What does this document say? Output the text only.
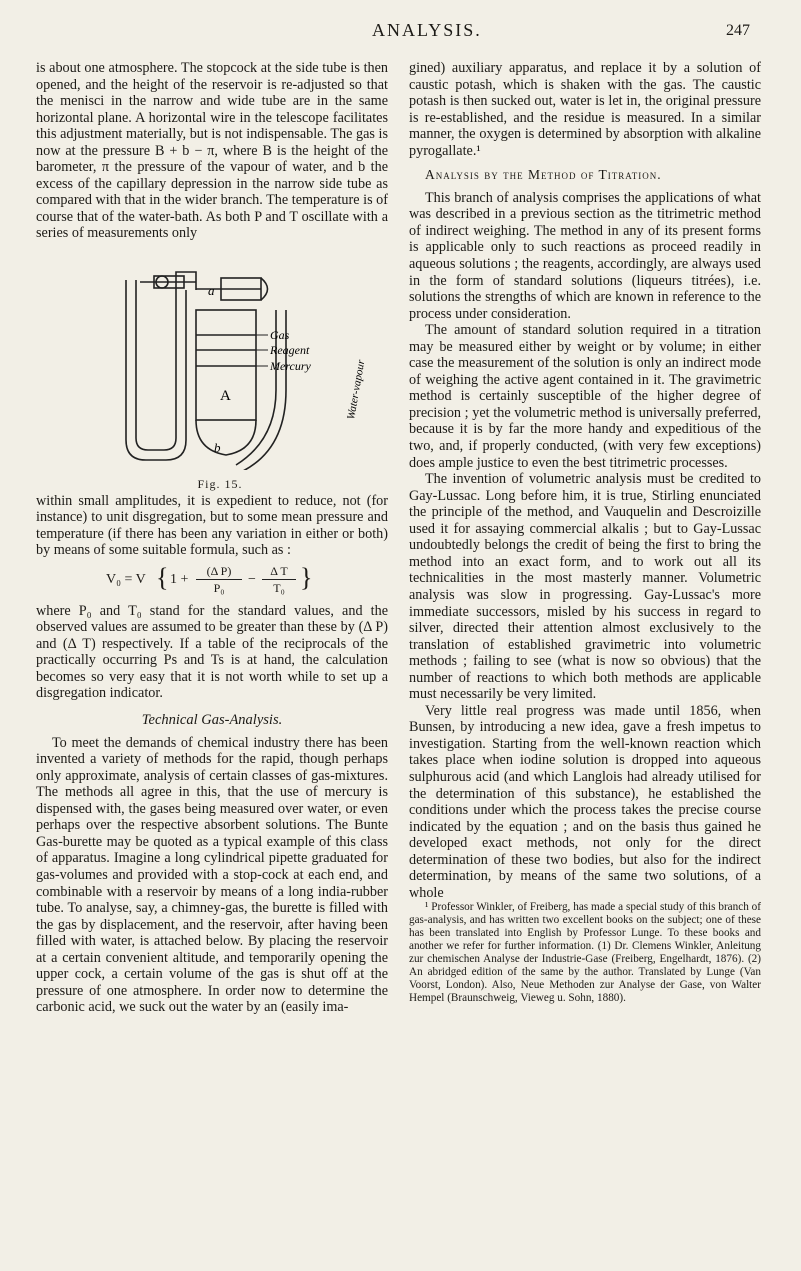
ANALYSIS.	247

is about one atmosphere. The stopcock at the side tube is then opened, and the height of the reservoir is re-adjusted so that the menisci in the narrow and wide tube are in the same horizontal plane. A horizontal wire in the telescope facilitates this adjustment materially, but is not indispensable. The gas is now at the pressure B + b − π, where B is the height of the barometer, π the pressure of the vapour of water, and b the excess of the capillary depression in the narrow side tube as compared with that in the wider branch. The temperature is of course that of the water-bath. As both P and T oscillate with a series of measurements only

a
A
b
Gas
Reagent
Mercury	Water-vapour

Fig. 15.

within small amplitudes, it is expedient to reduce, not (for instance) to unit disgregation, but to some mean pressure and temperature (if there has been any variation in either or both) by means of some suitable formula, such as :

V₀ = V { 1 +
(Δ P)
P₀
−
Δ T
T₀ }

where P₀ and T₀ stand for the standard values, and the observed values are assumed to be greater than these by (Δ P) and (Δ T) respectively. If a table of the reciprocals of the practically occurring Ps and Ts is at hand, the calculation becomes so very easy that it is not worth while to set up a disgregation indicator.

Technical Gas-Analysis.

To meet the demands of chemical industry there has been invented a variety of methods for the rapid, though perhaps only approximate, analysis of certain classes of gas-mixtures. The methods all agree in this, that the use of mercury is dispensed with, the gases being measured over water, or even perhaps over the respective absorbent solutions. The Bunte Gas-burette may be quoted as a typical example of this class of apparatus. Imagine a long cylindrical pipette graduated for gas-volumes and provided with a stop-cock at each end, and combinable with a reservoir by means of a long india-rubber tube. To analyse, say, a chimney-gas, the burette is filled with the gas by displacement, and the reservoir, after having been filled with water, is attached below. By placing the reservoir at a certain convenient altitude, and temporarily opening the upper cock, a certain volume of the gas is shut off at the pressure of one atmosphere. In order now to determine the carbonic acid, we suck out the water by an (easily ima-

gined) auxiliary apparatus, and replace it by a solution of caustic potash, which is shaken with the gas. The caustic potash is then sucked out, water is let in, the original pressure is re-established, and the residue is measured. In a similar manner, the oxygen is determined by absorption with alkaline pyrogallate.¹

Analysis by the Method of Titration.

This branch of analysis comprises the applications of what was described in a previous section as the titrimetric method of indirect weighing. The method in any of its present forms is applicable only to such reactions as proceed readily in aqueous solutions ; the reagents, accordingly, are always used in the form of standard solutions (liqueurs titrées), i.e. solutions the strengths of which are known in reference to the process under consideration.

The amount of standard solution required in a titration may be measured either by weight or by volume; in either case the measurement of the solution is only an indirect mode of weighing the active agent contained in it. The gravimetric method is certainly susceptible of the higher degree of precision ; yet the volumetric method is universally preferred, because it is by far the more handy and expeditious of the two, and, if properly conducted, (with very few exceptions) does ample justice to even the best titrimetric processes.

The invention of volumetric analysis must be credited to Gay-Lussac. Long before him, it is true, Stirling enunciated the principle of the method, and Vauquelin and Descroizille used it for assaying commercial alkalis ; but to Gay-Lussac undoubtedly belongs the credit of being the first to bring the method into an exact form, and to work out all its technicalities in the most masterly manner. Volumetric analysis was slow in progressing. Gay-Lussac's more immediate successors, misled by his success in regard to silver, directed their attention almost exclusively to the translation of established gravimetric into volumetric methods ; failing to see (what is now so obvious) that the number of reactions to which both methods are applicable must necessarily be very limited.

Very little real progress was made until 1856, when Bunsen, by introducing a new idea, gave a fresh impetus to investigation. Starting from the well-known reaction which takes place when iodine solution is dropped into aqueous sulphurous acid (and which Langlois had already utilised for the determination of this substance), he established the conditions under which the process takes the precise course indicated by the equation ; and on the basis thus gained he developed exact methods, not only for the direct determination of these two bodies, but also for the indirect determination, by means of the same two solutions, of a whole

¹ Professor Winkler, of Freiberg, has made a special study of this branch of gas-analysis, and has written two excellent books on the subject; one of these has been translated into English by Professor Lunge. To these books and another we refer for further information. (1) Dr. Clemens Winkler, Anleitung zur chemischen Analyse der Industrie-Gase (Freiberg, Engelhardt, 1876). (2) An abridged edition of the same by the author. Translated by Lunge (Van Voorst, London). Also, Neue Methoden zur Analyse der Gase, von Walter Hempel (Braunschweig, Vieweg u. Sohn, 1880).
